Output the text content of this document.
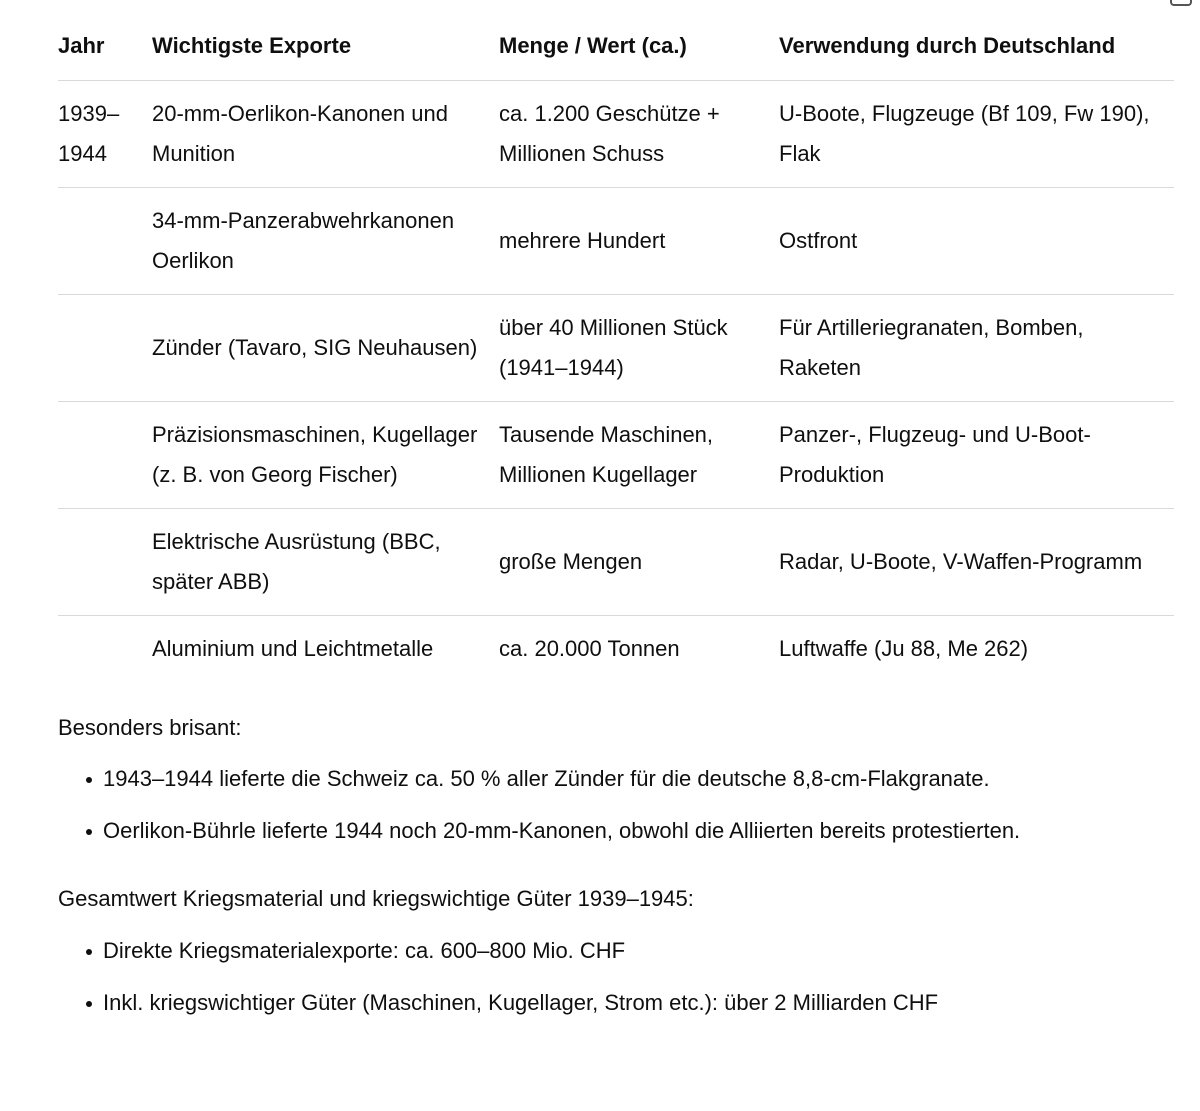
Jahr	Wichtigste Exporte	Menge / Wert (ca.)	Verwendung durch Deutschland
1939–1944	20-mm-Oerlikon-Kanonen und Munition	ca. 1.200 Geschütze + Millionen Schuss	U-Boote, Flugzeuge (Bf 109, Fw 190), Flak
	34-mm-Panzerabwehrkanonen Oerlikon	mehrere Hundert	Ostfront
	Zünder (Tavaro, SIG Neuhausen)	über 40 Millionen Stück (1941–1944)	Für Artilleriegranaten, Bomben, Raketen
	Präzisionsmaschinen, Kugellager (z. B. von Georg Fischer)	Tausende Maschinen, Millionen Kugellager	Panzer-, Flugzeug- und U-Boot-Produktion
	Elektrische Ausrüstung (BBC, später ABB)	große Mengen	Radar, U-Boote, V-Waffen-Programm
	Aluminium und Leichtmetalle	ca. 20.000 Tonnen	Luftwaffe (Ju 88, Me 262)

Besonders brisant:

1943–1944 lieferte die Schweiz ca. 50 % aller Zünder für die deutsche 8,8-cm-Flakgranate.
Oerlikon-Bührle lieferte 1944 noch 20-mm-Kanonen, obwohl die Alliierten bereits protestierten.

Gesamtwert Kriegsmaterial und kriegswichtige Güter 1939–1945:

Direkte Kriegsmaterialexporte: ca. 600–800 Mio. CHF
Inkl. kriegswichtiger Güter (Maschinen, Kugellager, Strom etc.): über 2 Milliarden CHF
